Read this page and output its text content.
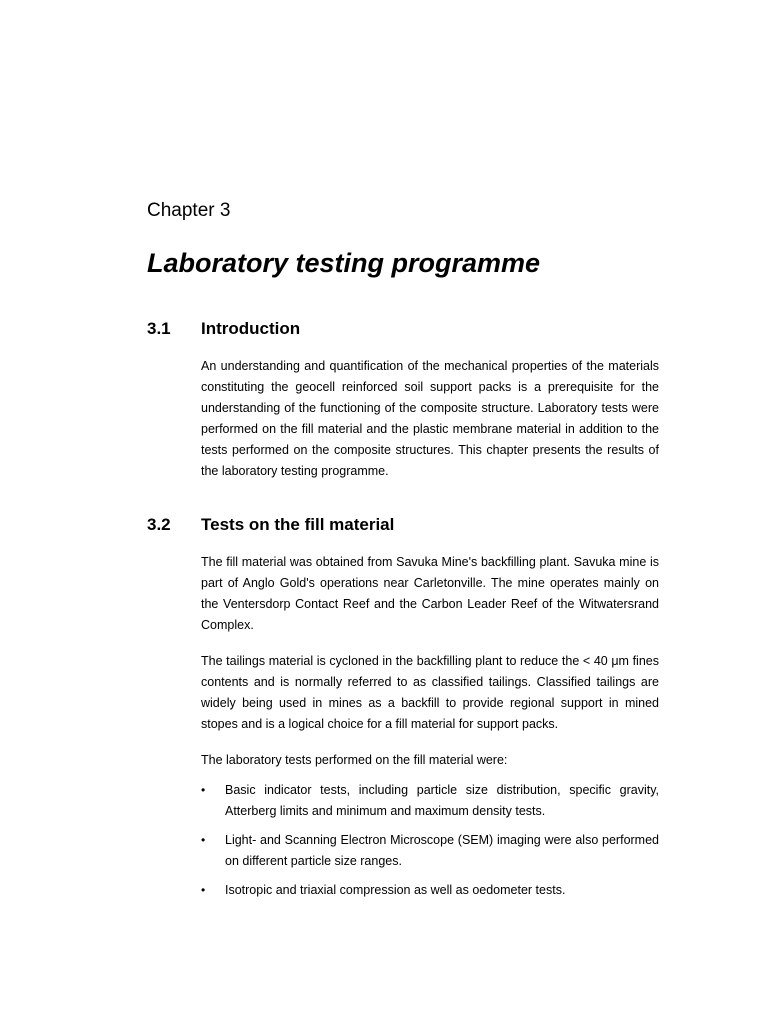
Chapter 3
Laboratory testing programme
3.1 Introduction

An understanding and quantification of the mechanical properties of the materials constituting the geocell reinforced soil support packs is a prerequisite for the understanding of the functioning of the composite structure. Laboratory tests were performed on the fill material and the plastic membrane material in addition to the tests performed on the composite structures. This chapter presents the results of the laboratory testing programme.

3.2 Tests on the fill material

The fill material was obtained from Savuka Mine's backfilling plant. Savuka mine is part of Anglo Gold's operations near Carletonville. The mine operates mainly on the Ventersdorp Contact Reef and the Carbon Leader Reef of the Witwatersrand Complex.

The tailings material is cycloned in the backfilling plant to reduce the < 40 μm fines contents and is normally referred to as classified tailings. Classified tailings are widely being used in mines as a backfill to provide regional support in mined stopes and is a logical choice for a fill material for support packs.

The laboratory tests performed on the fill material were:

• Basic indicator tests, including particle size distribution, specific gravity, Atterberg limits and minimum and maximum density tests.
• Light- and Scanning Electron Microscope (SEM) imaging were also performed on different particle size ranges.
• Isotropic and triaxial compression as well as oedometer tests.
